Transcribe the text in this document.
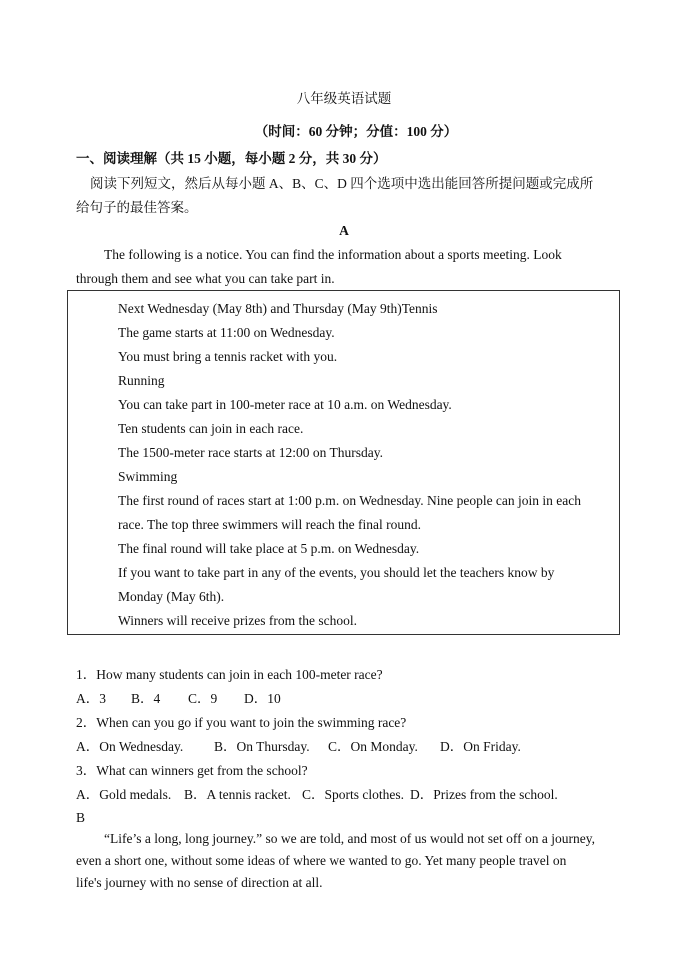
八年级英语试题
（时间：60 分钟；分值：100 分）
一、阅读理解（共 15 小题，每小题 2 分，共 30 分）
阅读下列短文，然后从每小题 A、B、C、D 四个选项中选出能回答所提问题或完成所
给句子的最佳答案。
A
The following is a notice. You can find the information about a sports meeting. Look
through them and see what you can take part in.
Next Wednesday (May 8th) and Thursday (May 9th)Tennis
The game starts at 11:00 on Wednesday.
You must bring a tennis racket with you.
Running
You can take part in 100-meter race at 10 a.m. on Wednesday.
Ten students can join in each race.
The 1500-meter race starts at 12:00 on Thursday.
Swimming
The first round of races start at 1:00 p.m. on Wednesday. Nine people can join in each
race. The top three swimmers will reach the final round.
The final round will take place at 5 p.m. on Wednesday.
If you want to take part in any of the events, you should let the teachers know by
Monday (May 6th).
Winners will receive prizes from the school.
1．How many students can join in each 100-meter race?
A．3 B．4 C．9 D．10
2．When can you go if you want to join the swimming race?
A．On Wednesday. B．On Thursday. C．On Monday. D．On Friday.
3．What can winners get from the school?
A．Gold medals. B．A tennis racket. C．Sports clothes. D．Prizes from the school.
B
“Life’s a long, long journey.” so we are told, and most of us would not set off on a journey,
even a short one, without some ideas of where we wanted to go. Yet many people travel on
life's journey with no sense of direction at all.
